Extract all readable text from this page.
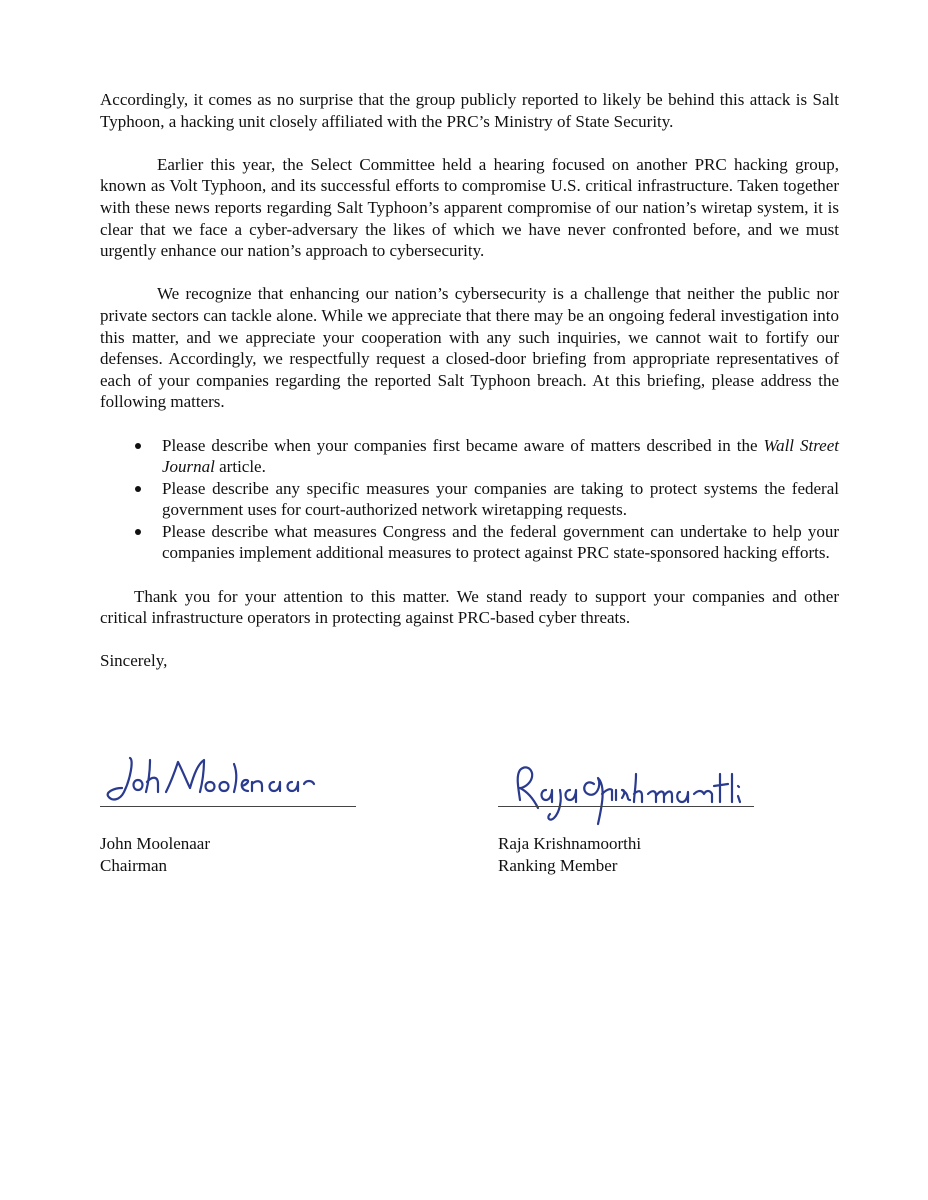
Accordingly, it comes as no surprise that the group publicly reported to likely be behind this attack is Salt Typhoon, a hacking unit closely affiliated with the PRC’s Ministry of State Security.

Earlier this year, the Select Committee held a hearing focused on another PRC hacking group, known as Volt Typhoon, and its successful efforts to compromise U.S. critical infrastructure. Taken together with these news reports regarding Salt Typhoon’s apparent compromise of our nation’s wiretap system, it is clear that we face a cyber-adversary the likes of which we have never confronted before, and we must urgently enhance our nation’s approach to cybersecurity.

We recognize that enhancing our nation’s cybersecurity is a challenge that neither the public nor private sectors can tackle alone. While we appreciate that there may be an ongoing federal investigation into this matter, and we appreciate your cooperation with any such inquiries, we cannot wait to fortify our defenses. Accordingly, we respectfully request a closed-door briefing from appropriate representatives of each of your companies regarding the reported Salt Typhoon breach. At this briefing, please address the following matters.

Please describe when your companies first became aware of matters described in the Wall Street Journal article.
Please describe any specific measures your companies are taking to protect systems the federal government uses for court-authorized network wiretapping requests.
Please describe what measures Congress and the federal government can undertake to help your companies implement additional measures to protect against PRC state-sponsored hacking efforts.

Thank you for your attention to this matter. We stand ready to support your companies and other critical infrastructure operators in protecting against PRC-based cyber threats.

Sincerely,

John Moolenaar
Chairman
Raja Krishnamoorthi
Ranking Member
